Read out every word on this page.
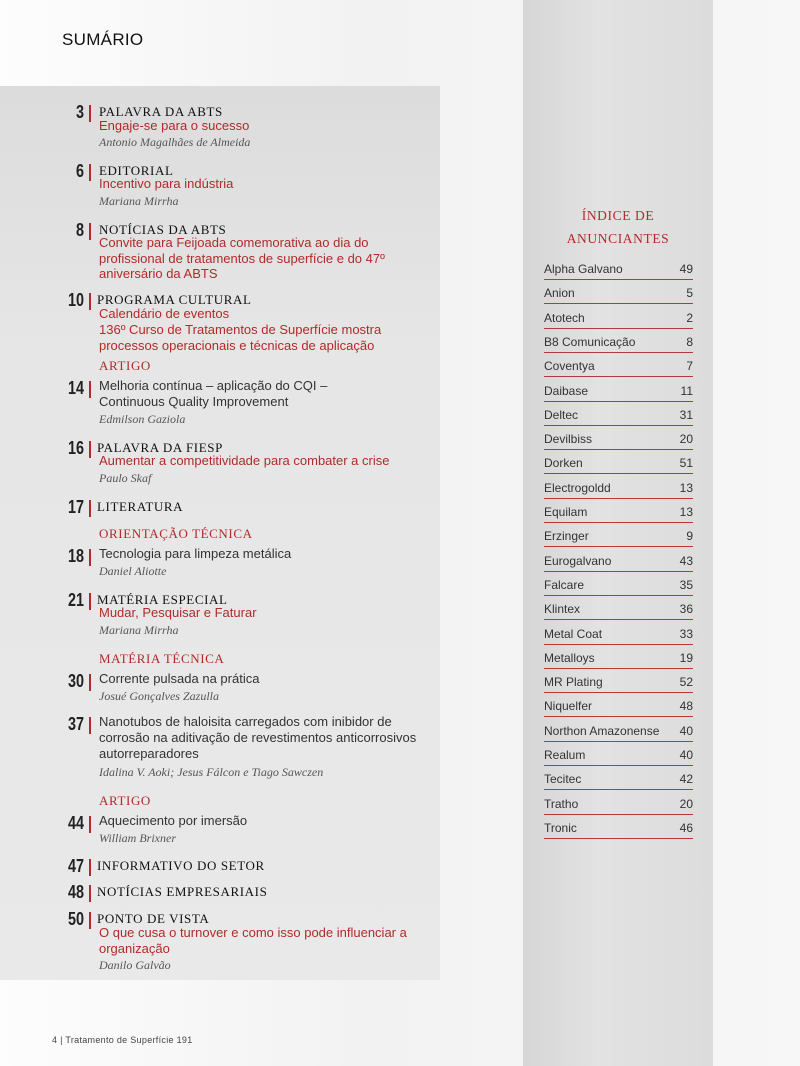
SUMÁRIO
3 PALAVRA DA ABTS
Engaje-se para o sucesso
Antonio Magalhães de Almeida
6 EDITORIAL
Incentivo para indústria
Mariana Mirrha
8 NOTÍCIAS DA ABTS
Convite para Feijoada comemorativa ao dia do profissional de tratamentos de superfície e do 47º aniversário da ABTS
10 PROGRAMA CULTURAL
Calendário de eventos
136º Curso de Tratamentos de Superfície mostra processos operacionais e técnicas de aplicação
ARTIGO
14 Melhoria contínua – aplicação do CQI – Continuous Quality Improvement
Edmilson Gaziola
16 PALAVRA DA FIESP
Aumentar a competitividade para combater a crise
Paulo Skaf
17 LITERATURA
ORIENTAÇÃO TÉCNICA
18 Tecnologia para limpeza metálica
Daniel Aliotte
21 MATÉRIA ESPECIAL
Mudar, Pesquisar e Faturar
Mariana Mirrha
MATÉRIA TÉCNICA
30 Corrente pulsada na prática
Josué Gonçalves Zazulla
37 Nanotubos de haloisita carregados com inibidor de corrosão na aditivação de revestimentos anticorrosivos autorreparadores
Idalina V. Aoki; Jesus Fálcon e Tiago Sawczen
ARTIGO
44 Aquecimento por imersão
William Brixner
47 INFORMATIVO DO SETOR
48 NOTÍCIAS EMPRESARIAIS
50 PONTO DE VISTA
O que cusa o turnover e como isso pode influenciar a organização
Danilo Galvão
ÍNDICE DE
ANUNCIANTES
Alpha Galvano	49
Anion	5
Atotech	2
B8 Comunicação	8
Coventya	7
Daibase	11
Deltec	31
Devilbiss	20
Dorken	51
Electrogoldd	13
Equilam	13
Erzinger	9
Eurogalvano	43
Falcare	35
Klintex	36
Metal Coat	33
Metalloys	19
MR Plating	52
Niquelfer	48
Northon Amazonense 40
Realum	40
Tecitec	42
Tratho	20
Tronic	46
4 | Tratamento de Superfície 191
